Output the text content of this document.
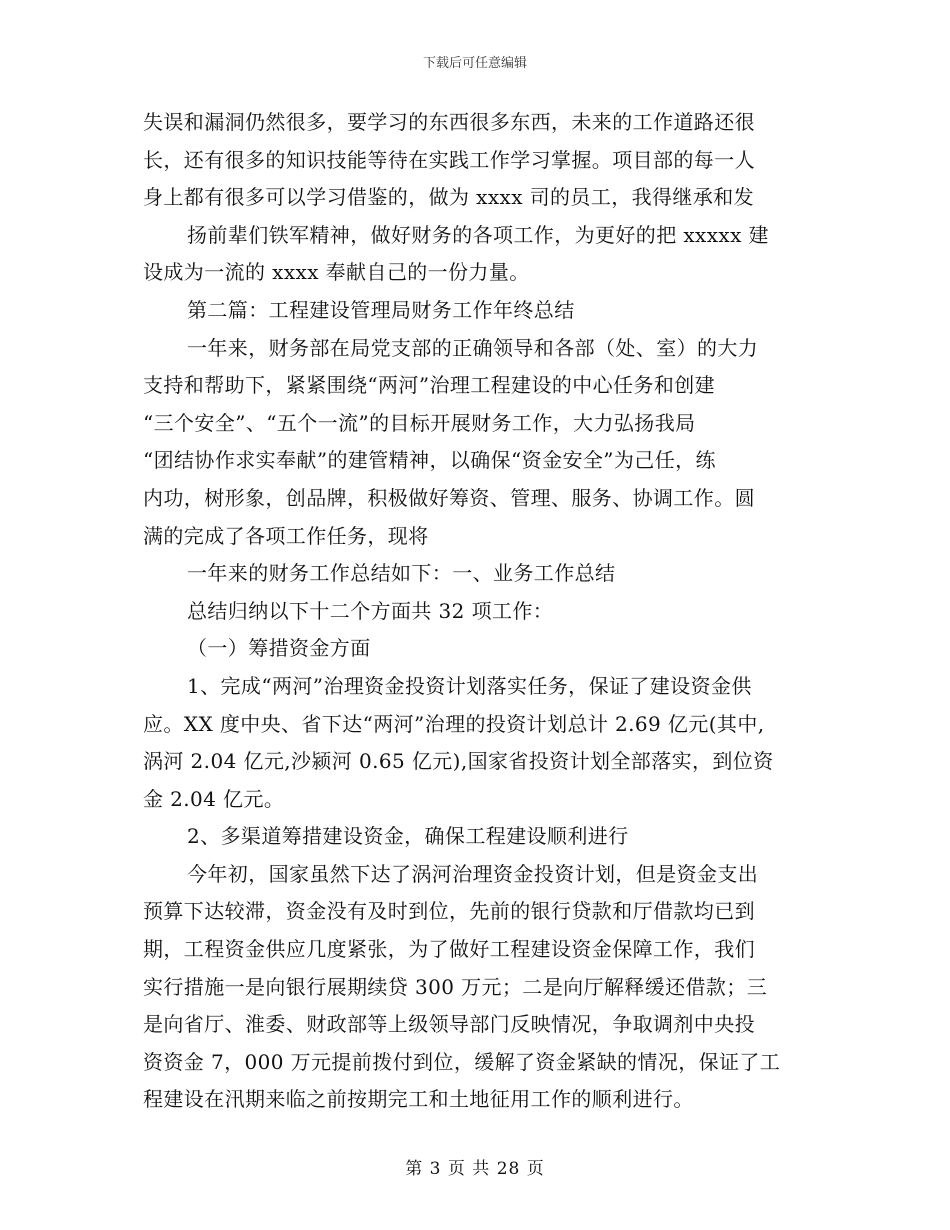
下载后可任意编辑
失误和漏洞仍然很多，要学习的东西很多东西，未来的工作道路还很
长，还有很多的知识技能等待在实践工作学习掌握。项目部的每一人
身上都有很多可以学习借鉴的，做为 xxxx 司的员工，我得继承和发
扬前辈们铁军精神，做好财务的各项工作，为更好的把 xxxxx 建
设成为一流的 xxxx 奉献自己的一份力量。
第二篇：工程建设管理局财务工作年终总结
一年来，财务部在局党支部的正确领导和各部（处、室）的大力
支持和帮助下，紧紧围绕“两河”治理工程建设的中心任务和创建
“三个安全”、“五个一流”的目标开展财务工作，大力弘扬我局
“团结协作求实奉献”的建管精神，以确保“资金安全”为己任，练
内功，树形象，创品牌，积极做好筹资、管理、服务、协调工作。圆
满的完成了各项工作任务，现将
一年来的财务工作总结如下：一、业务工作总结
总结归纳以下十二个方面共 32 项工作：
（一）筹措资金方面
1、完成“两河”治理资金投资计划落实任务，保证了建设资金供
应。XX 度中央、省下达“两河”治理的投资计划总计 2.69 亿元(其中,
涡河 2.04 亿元,沙颍河 0.65 亿元),国家省投资计划全部落实，到位资
金 2.04 亿元。
2、多渠道筹措建设资金，确保工程建设顺利进行
今年初，国家虽然下达了涡河治理资金投资计划，但是资金支出
预算下达较滞，资金没有及时到位，先前的银行贷款和厅借款均已到
期，工程资金供应几度紧张，为了做好工程建设资金保障工作，我们
实行措施一是向银行展期续贷 300 万元；二是向厅解释缓还借款；三
是向省厅、淮委、财政部等上级领导部门反映情况，争取调剂中央投
资资金 7，000 万元提前拨付到位，缓解了资金紧缺的情况，保证了工
程建设在汛期来临之前按期完工和土地征用工作的顺利进行。
第 3 页 共 28 页
